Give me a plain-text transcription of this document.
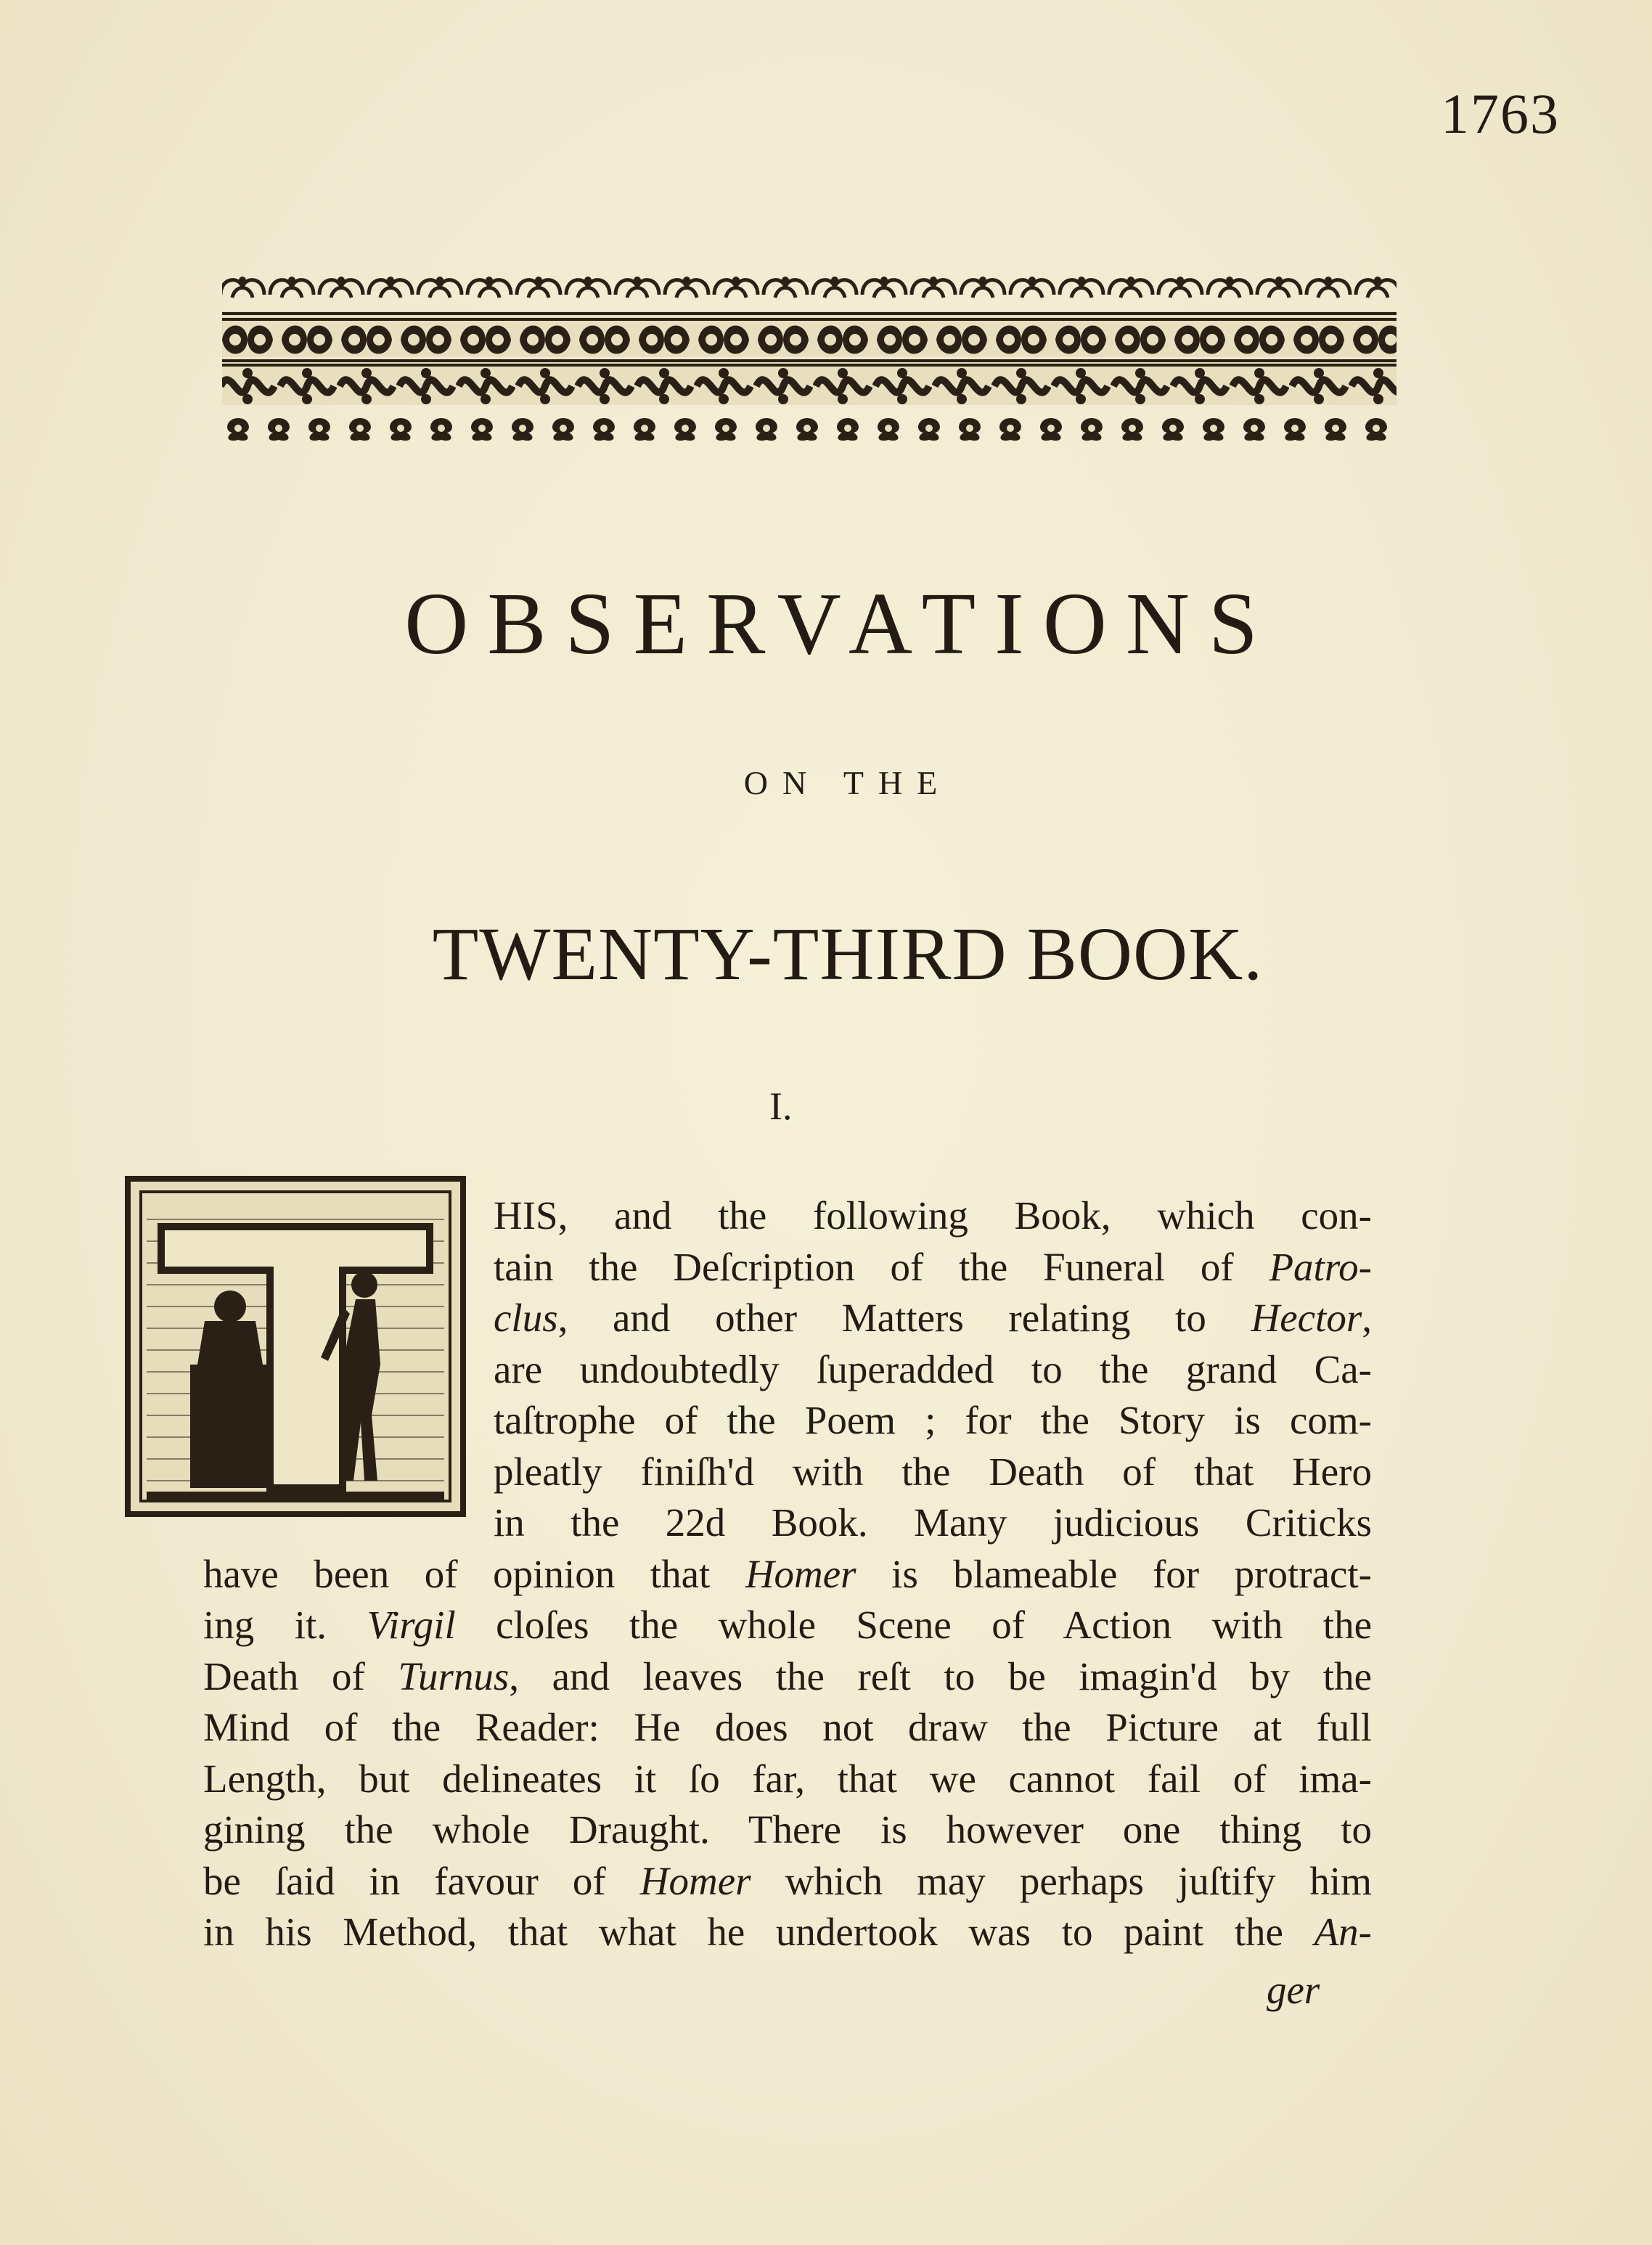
1763
OBSERVATIONS
ON THE
TWENTY-THIRD BOOK.
I.
HIS, and the following Book, which con-
tain the Deſcription of the Funeral of Patro-
clus, and other Matters relating to Hector,
are undoubtedly ſuperadded to the grand Ca-
taſtrophe of the Poem ; for the Story is com-
pleatly finiſh'd with the Death of that Hero
in the 22d Book. Many judicious Criticks
have been of opinion that Homer is blameable for protract-
ing it. Virgil cloſes the whole Scene of Action with the
Death of Turnus, and leaves the reſt to be imagin'd by the
Mind of the Reader: He does not draw the Picture at full
Length, but delineates it ſo far, that we cannot fail of ima-
gining the whole Draught. There is however one thing to
be ſaid in favour of Homer which may perhaps juſtify him
in his Method, that what he undertook was to paint the An-
ger
